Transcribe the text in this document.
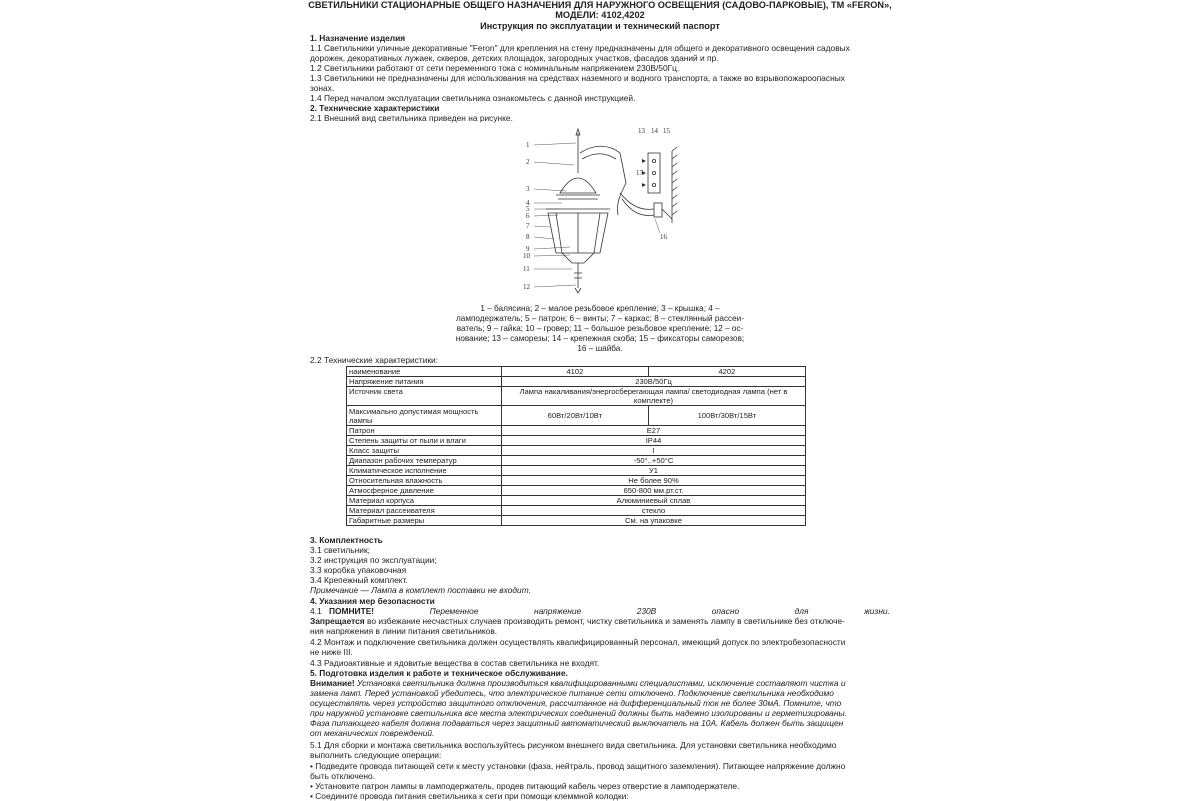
СВЕТИЛЬНИКИ СТАЦИОНАРНЫЕ ОБЩЕГО НАЗНАЧЕНИЯ ДЛЯ НАРУЖНОГО ОСВЕЩЕНИЯ (САДОВО-ПАРКОВЫЕ), ТМ «FERON»,
МОДЕЛИ: 4102,4202
Инструкция по эксплуатации и технический паспорт
1. Назначение изделия
1.1 Светильники уличные декоративные "Feron" для крепления на стену предназначены для общего и декоративного освещения садовых
дорожек, декоративных лужаек, скверов, детских площадок, загородных участков, фасадов зданий и пр.
1.2 Светильники работают от сети переменного тока с номинальным напряжением 230В/50Гц.
1.3 Светильники не предназначены для использования на средствах наземного и водного транспорта, а также во взрывопожароопасных
зонах.
1.4 Перед началом эксплуатации светильника ознакомьтесь с данной инструкцией.
2. Технические характеристики
2.1 Внешний вид светильника приведен на рисунке.
1
2
3
4
5
6
7
8
9
10
11
12
13 14 15
16
17
1 – балясина; 2 – малое резьбовое крепление; 3 – крышка; 4 –
ламподержатель; 5 – патрон; 6 – винты; 7 – каркас; 8 – стеклянный рассеи-
ватель; 9 – гайка; 10 – гровер; 11 – большое резьбовое крепление; 12 – ос-
нование; 13 – саморезы; 14 – крепежная скоба; 15 – фиксаторы саморезов;
16 – шайба.
2.2 Технические характеристики:
наименование	4102	4202
Напряжение питания	230В/50Гц	
Источник света	Лампа накаливания/энергосберегающая лампа/ светодиодная лампа (нет в комплекте)	
Максимально допустимая мощность лампы	60Вт/20Вт/10Вт	100Вт/30Вт/15Вт
Патрон	E27	
Степень защиты от пыли и влаги	IP44	
Класс защиты	I	
Диапазон рабочих температур	-50°..+50°С	
Климатическое исполнение	У1	
Относительная влажность	Не более 90%	
Атмосферное давление	650-800 мм.рт.ст.	
Материал корпуса	Алюминиевый сплав	
Материал рассеивателя	стекло	
Габаритные размеры	См. на упаковке	
3. Комплектность
3.1 светильник;
3.2 инструкция по эксплуатации;
3.3 коробка упаковочная
3.4 Крепежный комплект.
Примечание — Лампа в комплект поставки не входит.
4. Указания мер безопасности
4.1 ПОМНИТЕ!	Переменное	напряжение	230В	опасно	для	жизни.
Запрещается во избежание несчастных случаев производить ремонт, чистку светильника и заменять лампу в светильнике без отключе-
ния напряжения в линии питания светильников.
4.2 Монтаж и подключение светильника должен осуществлять квалифицированный персонал, имеющий допуск по электробезопасности
не ниже III.
4.3 Радиоактивные и ядовитые вещества в состав светильника не входят.
5. Подготовка изделия к работе и техническое обслуживание.
Внимание! Установка светильника должна производиться квалифицированными специалистами, исключение составляют чистка и
замена ламп. Перед установкой убедитесь, что электрическое питание сети отключено. Подключение светильника необходимо
осуществлять через устройство защитного отключения, рассчитанное на дифференциальный ток не более 30мА. Помните, что
при наружной установке светильника все места электрических соединений должны быть надежно изолированы и герметизированы.
Фаза питающего кабеля должна подаваться через защитный автоматический выключатель на 10А. Кабель должен быть защищен
от механических повреждений.
5.1 Для сборки и монтажа светильника воспользуйтесь рисунком внешнего вида светильника. Для установки светильника необходимо
выполнить следующие операции:
• Подведите провода питающей сети к месту установки (фаза, нейтраль, провод защитного заземления). Питающее напряжение должно
быть отключено.
• Установите патрон лампы в ламподержатель, продев питающий кабель через отверстие в ламподержателе.
• Соедините провода питания светильника к сети при помощи клеммной колодки:
